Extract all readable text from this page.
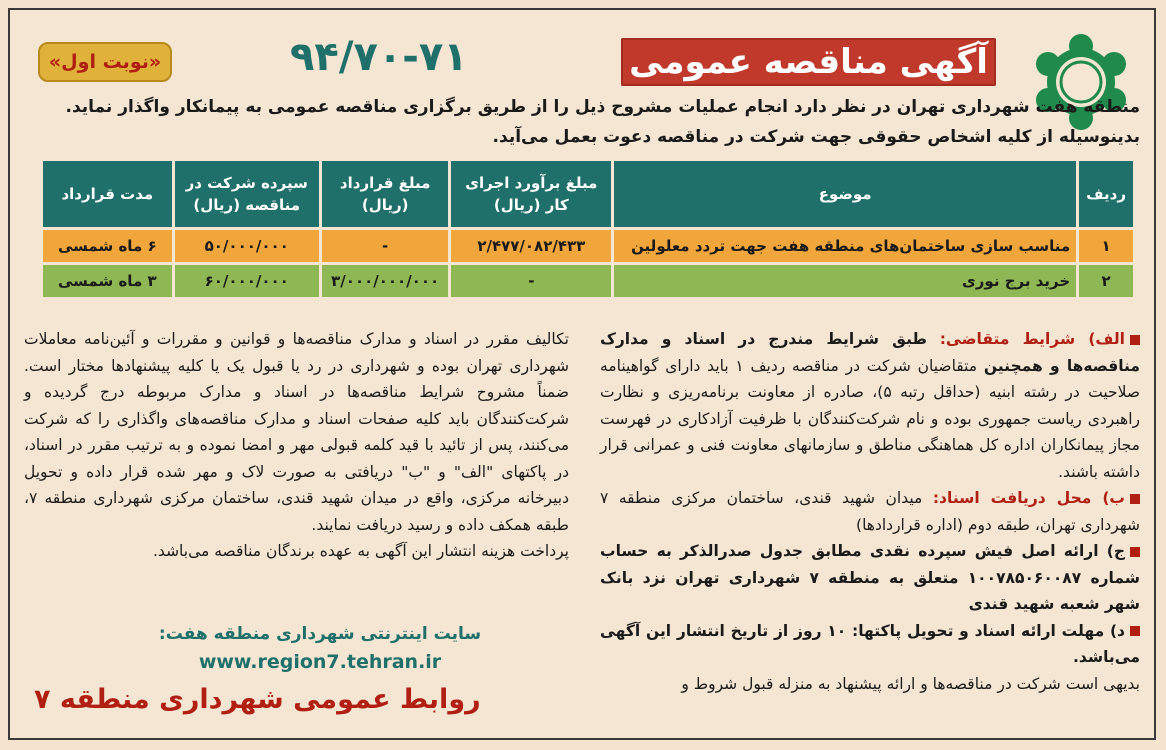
آگهی مناقصه عمومی
۹۴/۷۰-۷۱
«نوبت اول»
منطقه هفت شهرداری تهران در نظر دارد انجام عملیات مشروح ذیل را از طریق برگزاری مناقصه عمومی به پیمانکار واگذار نماید. بدینوسیله از کلیه اشخاص حقوقی جهت شرکت در مناقصه دعوت بعمل می‌آید.
ردیف	موضوع	مبلغ برآورد اجرای کار (ریال)	مبلغ قرارداد (ریال)	سپرده شرکت در مناقصه (ریال)	مدت قرارداد
۱	مناسب سازی ساختمان‌های منطقه هفت جهت تردد معلولین	۲/۴۷۷/۰۸۲/۴۳۳	-	۵۰/۰۰۰/۰۰۰	۶ ماه شمسی
۲	خرید برج نوری	-	۳/۰۰۰/۰۰۰/۰۰۰	۶۰/۰۰۰/۰۰۰	۳ ماه شمسی
الف) شرایط متقاضی: طبق شرایط مندرج در اسناد و مدارک مناقصه‌ها و همچنین متقاضیان شرکت در مناقصه ردیف ۱ باید دارای گواهینامه صلاحیت در رشته ابنیه (حداقل رتبه ۵)، صادره از معاونت برنامه‌ریزی و نظارت راهبردی ریاست جمهوری بوده و نام شرکت‌کنندگان با ظرفیت آزادکاری در فهرست مجاز پیمانکاران اداره کل هماهنگی مناطق و سازمانهای معاونت فنی و عمرانی قرار داشته باشند.
ب) محل دریافت اسناد: میدان شهید قندی، ساختمان مرکزی منطقه ۷ شهرداری تهران، طبقه دوم (اداره قراردادها)
ج) ارائه اصل فیش سپرده نقدی مطابق جدول صدرالذکر به حساب شماره ۱۰۰۷۸۵۰۶۰۰۸۷ متعلق به منطقه ۷ شهرداری تهران نزد بانک شهر شعبه شهید قندی
د) مهلت ارائه اسناد و تحویل پاکتها: ۱۰ روز از تاریخ انتشار این آگهی می‌باشد.
بدیهی است شرکت در مناقصه‌ها و ارائه پیشنهاد به منزله قبول شروط و
تکالیف مقرر در اسناد و مدارک مناقصه‌ها و قوانین و مقررات و آئین‌نامه معاملات شهرداری تهران بوده و شهرداری در رد یا قبول یک یا کلیه پیشنهادها مختار است. ضمناً مشروح شرایط مناقصه‌ها در اسناد و مدارک مربوطه درج گردیده و شرکت‌کنندگان باید کلیه صفحات اسناد و مدارک مناقصه‌های واگذاری را که شرکت می‌کنند، پس از تائید با قید کلمه قبولی مهر و امضا نموده و به ترتیب مقرر در اسناد، در پاکتهای "الف" و "ب" دریافتی به صورت لاک و مهر شده قرار داده و تحویل دبیرخانه مرکزی، واقع در میدان شهید قندی، ساختمان مرکزی شهرداری منطقه ۷، طبقه همکف داده و رسید دریافت نمایند.
پرداخت هزینه انتشار این آگهی به عهده برندگان مناقصه می‌باشد.
سایت اینترنتی شهرداری منطقه هفت:
www.region7.tehran.ir
روابط عمومی شهرداری منطقه ۷
